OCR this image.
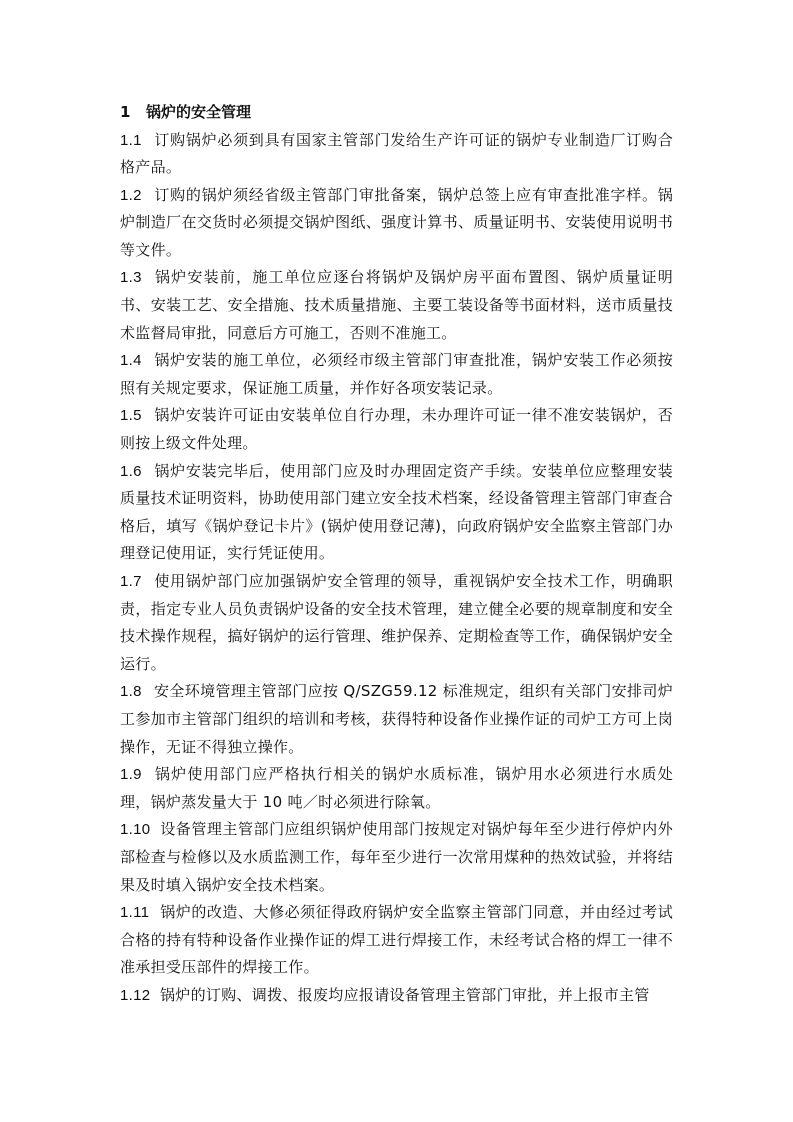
1 锅炉的安全管理
1.1 订购锅炉必须到具有国家主管部门发给生产许可证的锅炉专业制造厂订购合格产品。
1.2 订购的锅炉须经省级主管部门审批备案，锅炉总签上应有审查批准字样。锅炉制造厂在交货时必须提交锅炉图纸、强度计算书、质量证明书、安装使用说明书等文件。
1.3 锅炉安装前，施工单位应逐台将锅炉及锅炉房平面布置图、锅炉质量证明书、安装工艺、安全措施、技术质量措施、主要工装设备等书面材料，送市质量技术监督局审批，同意后方可施工，否则不准施工。
1.4 锅炉安装的施工单位，必须经市级主管部门审查批准，锅炉安装工作必须按照有关规定要求，保证施工质量，并作好各项安装记录。
1.5 锅炉安装许可证由安装单位自行办理，未办理许可证一律不准安装锅炉，否则按上级文件处理。
1.6 锅炉安装完毕后，使用部门应及时办理固定资产手续。安装单位应整理安装质量技术证明资料，协助使用部门建立安全技术档案，经设备管理主管部门审查合格后，填写《锅炉登记卡片》(锅炉使用登记薄)，向政府锅炉安全监察主管部门办理登记使用证，实行凭证使用。
1.7 使用锅炉部门应加强锅炉安全管理的领导，重视锅炉安全技术工作，明确职责，指定专业人员负责锅炉设备的安全技术管理，建立健全必要的规章制度和安全技术操作规程，搞好锅炉的运行管理、维护保养、定期检查等工作，确保锅炉安全运行。
1.8 安全环境管理主管部门应按 Q/SZG59.12 标准规定，组织有关部门安排司炉工参加市主管部门组织的培训和考核，获得特种设备作业操作证的司炉工方可上岗操作，无证不得独立操作。
1.9 锅炉使用部门应严格执行相关的锅炉水质标准，锅炉用水必须进行水质处理，锅炉蒸发量大于 10 吨／时必须进行除氧。
1.10 设备管理主管部门应组织锅炉使用部门按规定对锅炉每年至少进行停炉内外部检查与检修以及水质监测工作，每年至少进行一次常用煤种的热效试验，并将结果及时填入锅炉安全技术档案。
1.11 锅炉的改造、大修必须征得政府锅炉安全监察主管部门同意，并由经过考试合格的持有特种设备作业操作证的焊工进行焊接工作，未经考试合格的焊工一律不准承担受压部件的焊接工作。
1.12 锅炉的订购、调拨、报废均应报请设备管理主管部门审批，并上报市主管
